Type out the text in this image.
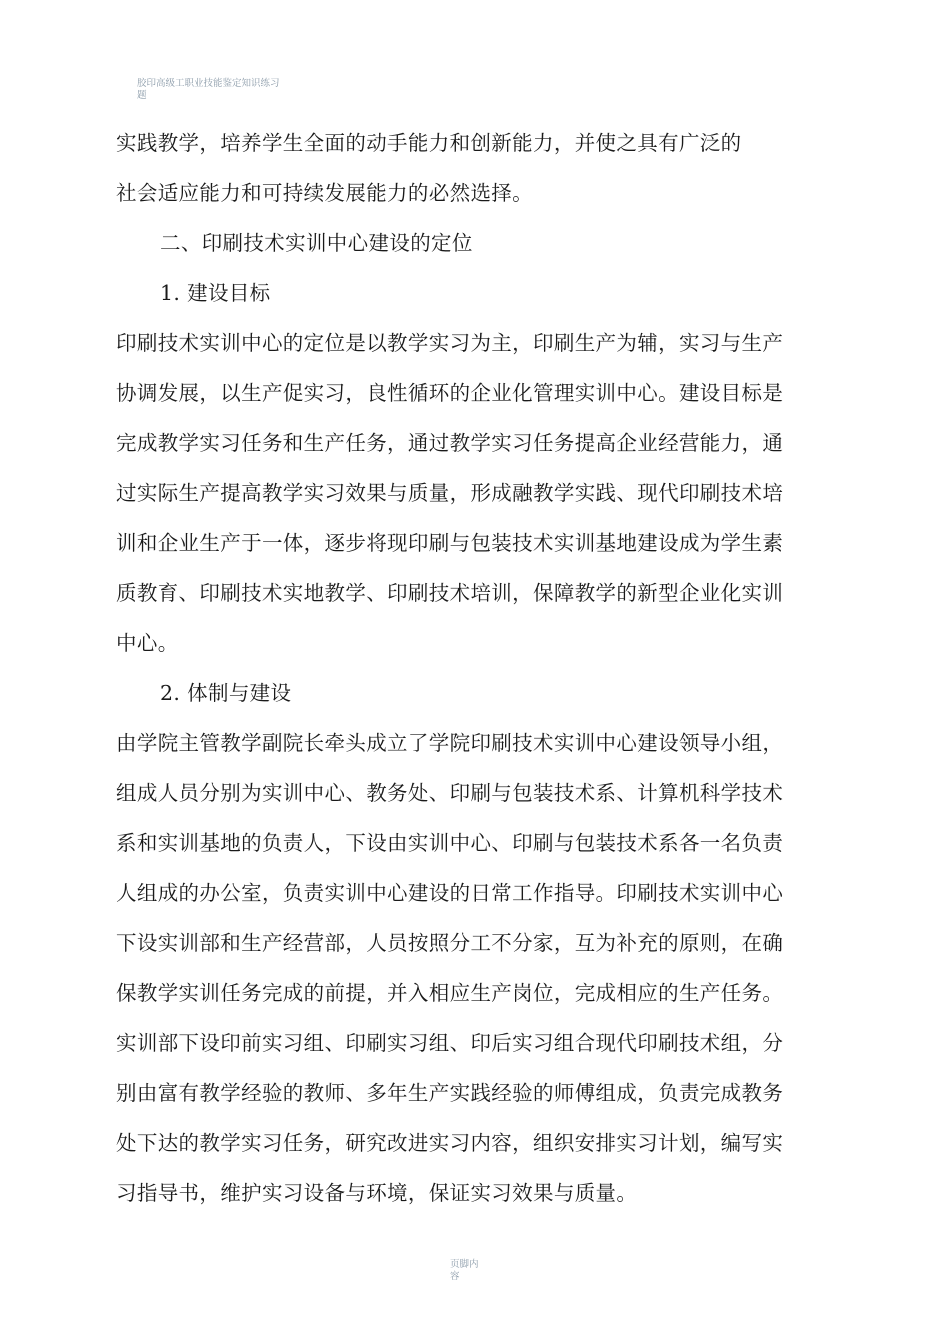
胶印高级工职业技能鉴定知识练习
题
实践教学，培养学生全面的动手能力和创新能力，并使之具有广泛的
社会适应能力和可持续发展能力的必然选择。
二、印刷技术实训中心建设的定位
1. 建设目标
印刷技术实训中心的定位是以教学实习为主，印刷生产为辅，实习与生产
协调发展，以生产促实习，良性循环的企业化管理实训中心。建设目标是
完成教学实习任务和生产任务，通过教学实习任务提高企业经营能力，通
过实际生产提高教学实习效果与质量，形成融教学实践、现代印刷技术培
训和企业生产于一体，逐步将现印刷与包装技术实训基地建设成为学生素
质教育、印刷技术实地教学、印刷技术培训，保障教学的新型企业化实训
中心。
2. 体制与建设
由学院主管教学副院长牵头成立了学院印刷技术实训中心建设领导小组，
组成人员分别为实训中心、教务处、印刷与包装技术系、计算机科学技术
系和实训基地的负责人，下设由实训中心、印刷与包装技术系各一名负责
人组成的办公室，负责实训中心建设的日常工作指导。印刷技术实训中心
下设实训部和生产经营部，人员按照分工不分家，互为补充的原则，在确
保教学实训任务完成的前提，并入相应生产岗位，完成相应的生产任务。
实训部下设印前实习组、印刷实习组、印后实习组合现代印刷技术组，分
别由富有教学经验的教师、多年生产实践经验的师傅组成，负责完成教务
处下达的教学实习任务，研究改进实习内容，组织安排实习计划，编写实
习指导书，维护实习设备与环境，保证实习效果与质量。
页脚内
容
